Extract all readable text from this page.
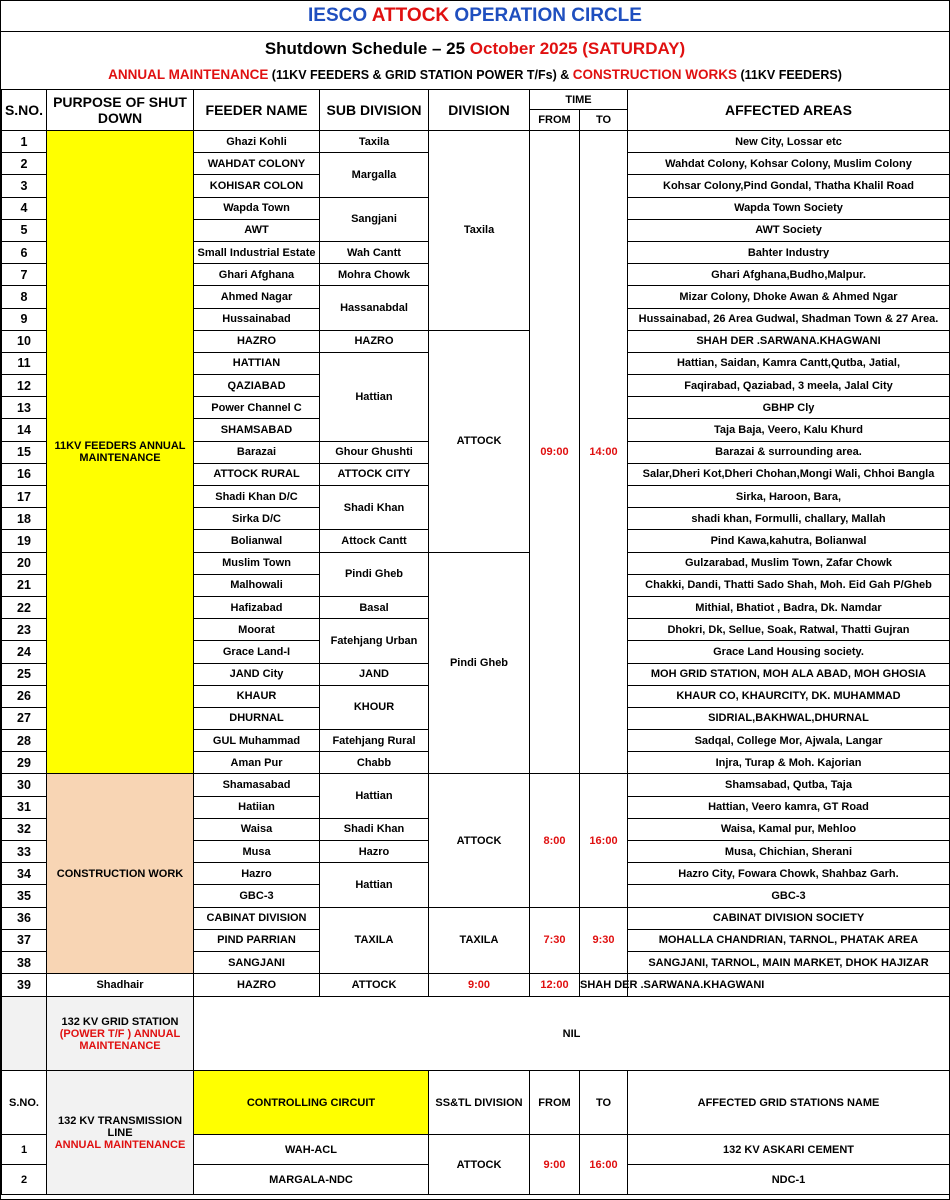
IESCO ATTOCK OPERATION CIRCLE
Shutdown Schedule – 25 October 2025 (SATURDAY)
ANNUAL MAINTENANCE (11KV FEEDERS & GRID STATION POWER T/Fs) & CONSTRUCTION WORKS (11KV FEEDERS)
S.NO.	PURPOSE OF SHUT DOWN	FEEDER NAME	SUB DIVISION	DIVISION	TIME		AFFECTED AREAS
					FROM	TO	
1	11KV FEEDERS ANNUAL MAINTENANCE	Ghazi Kohli	Taxila	Taxila	09:00	14:00	New City, Lossar etc
2		WAHDAT COLONY	Margalla				Wahdat Colony, Kohsar Colony, Muslim Colony
3		KOHISAR COLON					Kohsar Colony,Pind Gondal, Thatha Khalil Road
4		Wapda Town	Sangjani				Wapda Town Society
5		AWT					AWT Society
6		Small Industrial Estate	Wah Cantt				Bahter Industry
7		Ghari Afghana	Mohra Chowk				Ghari Afghana,Budho,Malpur.
8		Ahmed Nagar	Hassanabdal				Mizar Colony, Dhoke Awan & Ahmed Ngar
9		Hussainabad					Hussainabad, 26 Area Gudwal, Shadman Town & 27 Area.
10		HAZRO	HAZRO	ATTOCK			SHAH DER .SARWANA.KHAGWANI
11		HATTIAN	Hattian				Hattian, Saidan, Kamra Cantt,Qutba, Jatial,
12		QAZIABAD					Faqirabad, Qaziabad, 3 meela, Jalal City
13		Power Channel C					GBHP Cly
14		SHAMSABAD					Taja Baja, Veero, Kalu Khurd
15		Barazai	Ghour Ghushti				Barazai & surrounding area.
16		ATTOCK RURAL	ATTOCK CITY				Salar,Dheri Kot,Dheri Chohan,Mongi Wali, Chhoi Bangla
17		Shadi Khan D/C	Shadi Khan				Sirka, Haroon, Bara,
18		Sirka D/C					shadi khan, Formulli, challary, Mallah
19		Bolianwal	Attock Cantt				Pind Kawa,kahutra, Bolianwal
20		Muslim Town	Pindi Gheb	Pindi Gheb			Gulzarabad, Muslim Town, Zafar Chowk
21		Malhowali					Chakki, Dandi, Thatti Sado Shah, Moh. Eid Gah P/Gheb
22		Hafizabad	Basal				Mithial, Bhatiot , Badra, Dk. Namdar
23		Moorat	Fatehjang Urban				Dhokri, Dk, Sellue, Soak, Ratwal, Thatti Gujran
24		Grace Land-I					Grace Land Housing society.
25		JAND City	JAND				MOH GRID STATION, MOH ALA ABAD, MOH GHOSIA
26		KHAUR	KHOUR				KHAUR CO, KHAURCITY, DK. MUHAMMAD
27		DHURNAL					SIDRIAL,BAKHWAL,DHURNAL
28		GUL Muhammad	Fatehjang Rural				Sadqal, College Mor, Ajwala, Langar
29		Aman Pur	Chabb				Injra, Turap & Moh. Kajorian
30	CONSTRUCTION WORK	Shamasabad	Hattian	ATTOCK	8:00	16:00	Shamsabad, Qutba, Taja
31		Hatiian					Hattian, Veero kamra, GT Road
32		Waisa	Shadi Khan				Waisa, Kamal pur, Mehloo
33		Musa	Hazro				Musa, Chichian, Sherani
34		Hazro	Hattian				Hazro City, Fowara Chowk, Shahbaz Garh.
35		GBC-3					GBC-3
36		CABINAT DIVISION	TAXILA	TAXILA	7:30	9:30	CABINAT DIVISION SOCIETY
37		PIND PARRIAN					MOHALLA CHANDRIAN, TARNOL, PHATAK AREA
38		SANGJANI					SANGJANI, TARNOL, MAIN MARKET, DHOK HAJIZAR
39	Shadhair	HAZRO	ATTOCK	9:00	12:00	SHAH DER .SARWANA.KHAGWANI	
	132 KV GRID STATION
(POWER T/F ) ANNUAL MAINTENANCE	NIL					
S.NO.	132 KV TRANSMISSION LINE
ANNUAL MAINTENANCE	CONTROLLING CIRCUIT		SS&TL DIVISION	FROM	TO	AFFECTED GRID STATIONS NAME
1		WAH-ACL		ATTOCK	9:00	16:00	132 KV ASKARI CEMENT
2		MARGALA-NDC					NDC-1
